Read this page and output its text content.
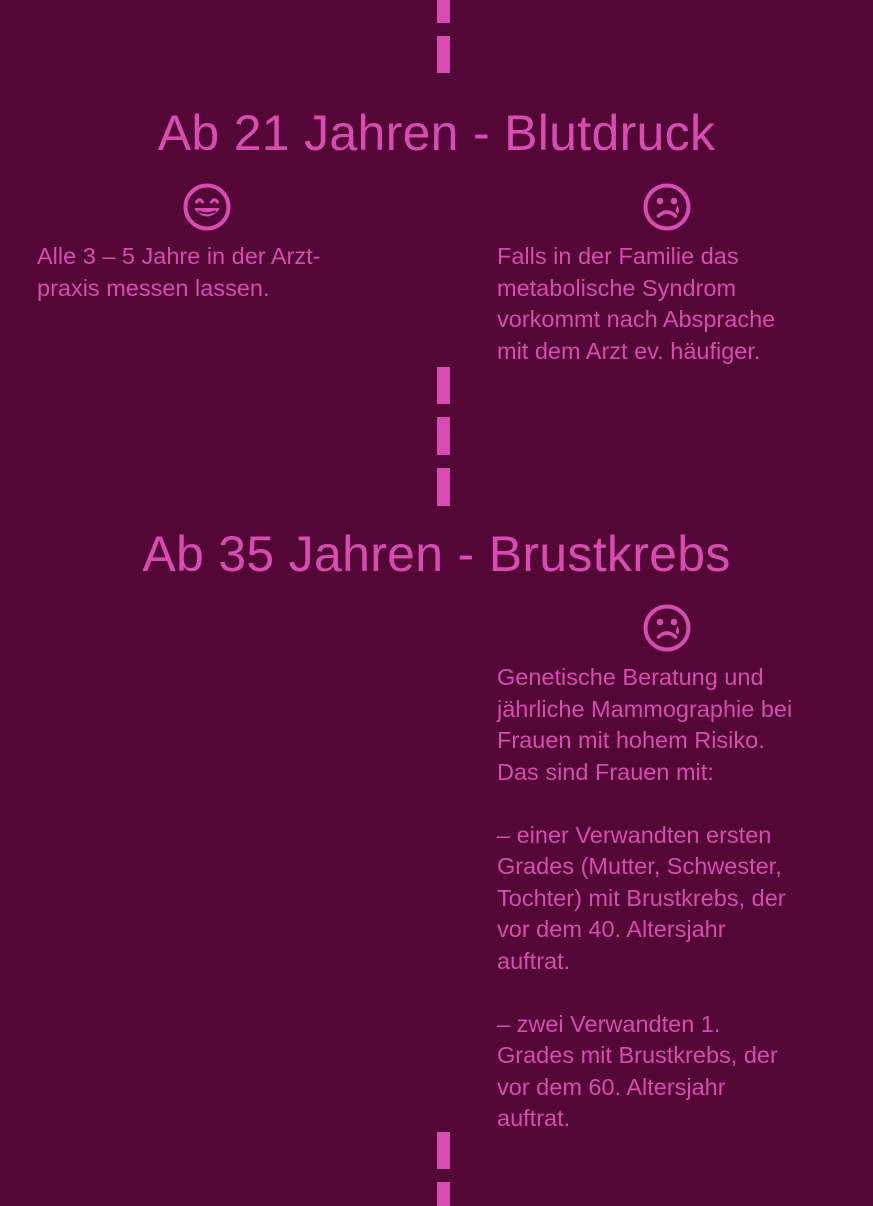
Ab 21 Jahren - Blutdruck

Alle 3 – 5 Jahre in der Arzt-

praxis messen lassen.

Falls in der Familie das

metabolische Syndrom

vorkommt nach Absprache

mit dem Arzt ev. häufiger.

Ab 35 Jahren - Brustkrebs

Genetische Beratung und

jährliche Mammographie bei

Frauen mit hohem Risiko.

Das sind Frauen mit:

– einer Verwandten ersten

Grades (Mutter, Schwester,

Tochter) mit Brustkrebs, der

vor dem 40. Altersjahr

auftrat.

– zwei Verwandten 1.

Grades mit Brustkrebs, der

vor dem 60. Altersjahr

auftrat.
